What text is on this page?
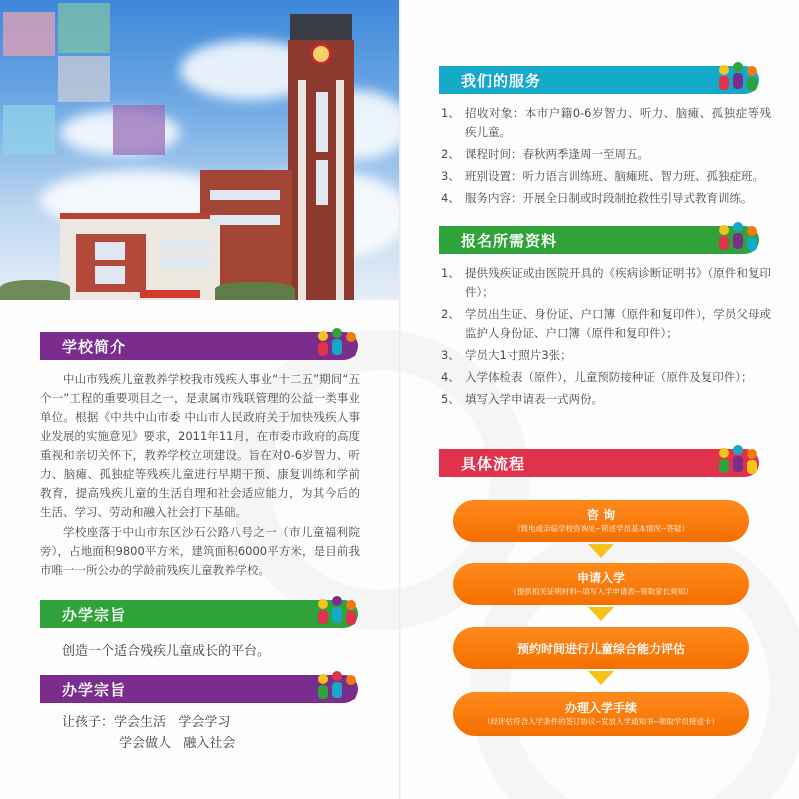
学校简介
中山市残疾儿童教养学校我市残疾人事业“十二五”期间“五个一”工程的重要项目之一，是隶属市残联管理的公益一类事业单位。根据《中共中山市委 中山市人民政府关于加快残疾人事业发展的实施意见》要求，2011年11月，在市委市政府的高度重视和亲切关怀下，教养学校立项建设。旨在对0-6岁智力、听力、脑瘫、孤独症等残疾儿童进行早期干预、康复训练和学前教育，提高残疾儿童的生活自理和社会适应能力，为其今后的生活、学习、劳动和融入社会打下基础。
学校座落于中山市东区沙石公路八号之一（市儿童福利院旁），占地面积9800平方米，建筑面积6000平方米，是目前我市唯一一所公办的学龄前残疾儿童教养学校。
办学宗旨
创造一个适合残疾儿童成长的平台。
办学宗旨
让孩子：学会生活   学会学习
学会做人   融入社会
我们的服务
1、 招收对象：本市户籍0-6岁智力、听力、脑瘫、孤独症等残疾儿童。
2、 课程时间：春秋两季逢周一至周五。
3、 班别设置：听力语言训练班、脑瘫班、智力班、孤独症班。
4、 服务内容：开展全日制或时段制抢救性引导式教育训练。
报名所需资料
1、 提供残疾证或由医院开具的《疾病诊断证明书》（原件和复印件）；
2、 学员出生证、身份证、户口簿（原件和复印件），学员父母或监护人身份证、户口簿（原件和复印件）；
3、 学员大1寸照片3张；
4、 入学体检表（原件），儿童预防接种证（原件及复印件）；
5、 填写入学申请表一式两份。
具体流程
咨 询
（致电或亲临学校咨询处--简述学员基本情况--答疑）
申请入学
（提供相关证明材料--填写入学申请表--领取家长须知）
预约时间进行儿童综合能力评估
办理入学手续
（经评估符合入学条件的签订协议--发放入学通知书--领取学员接送卡）
